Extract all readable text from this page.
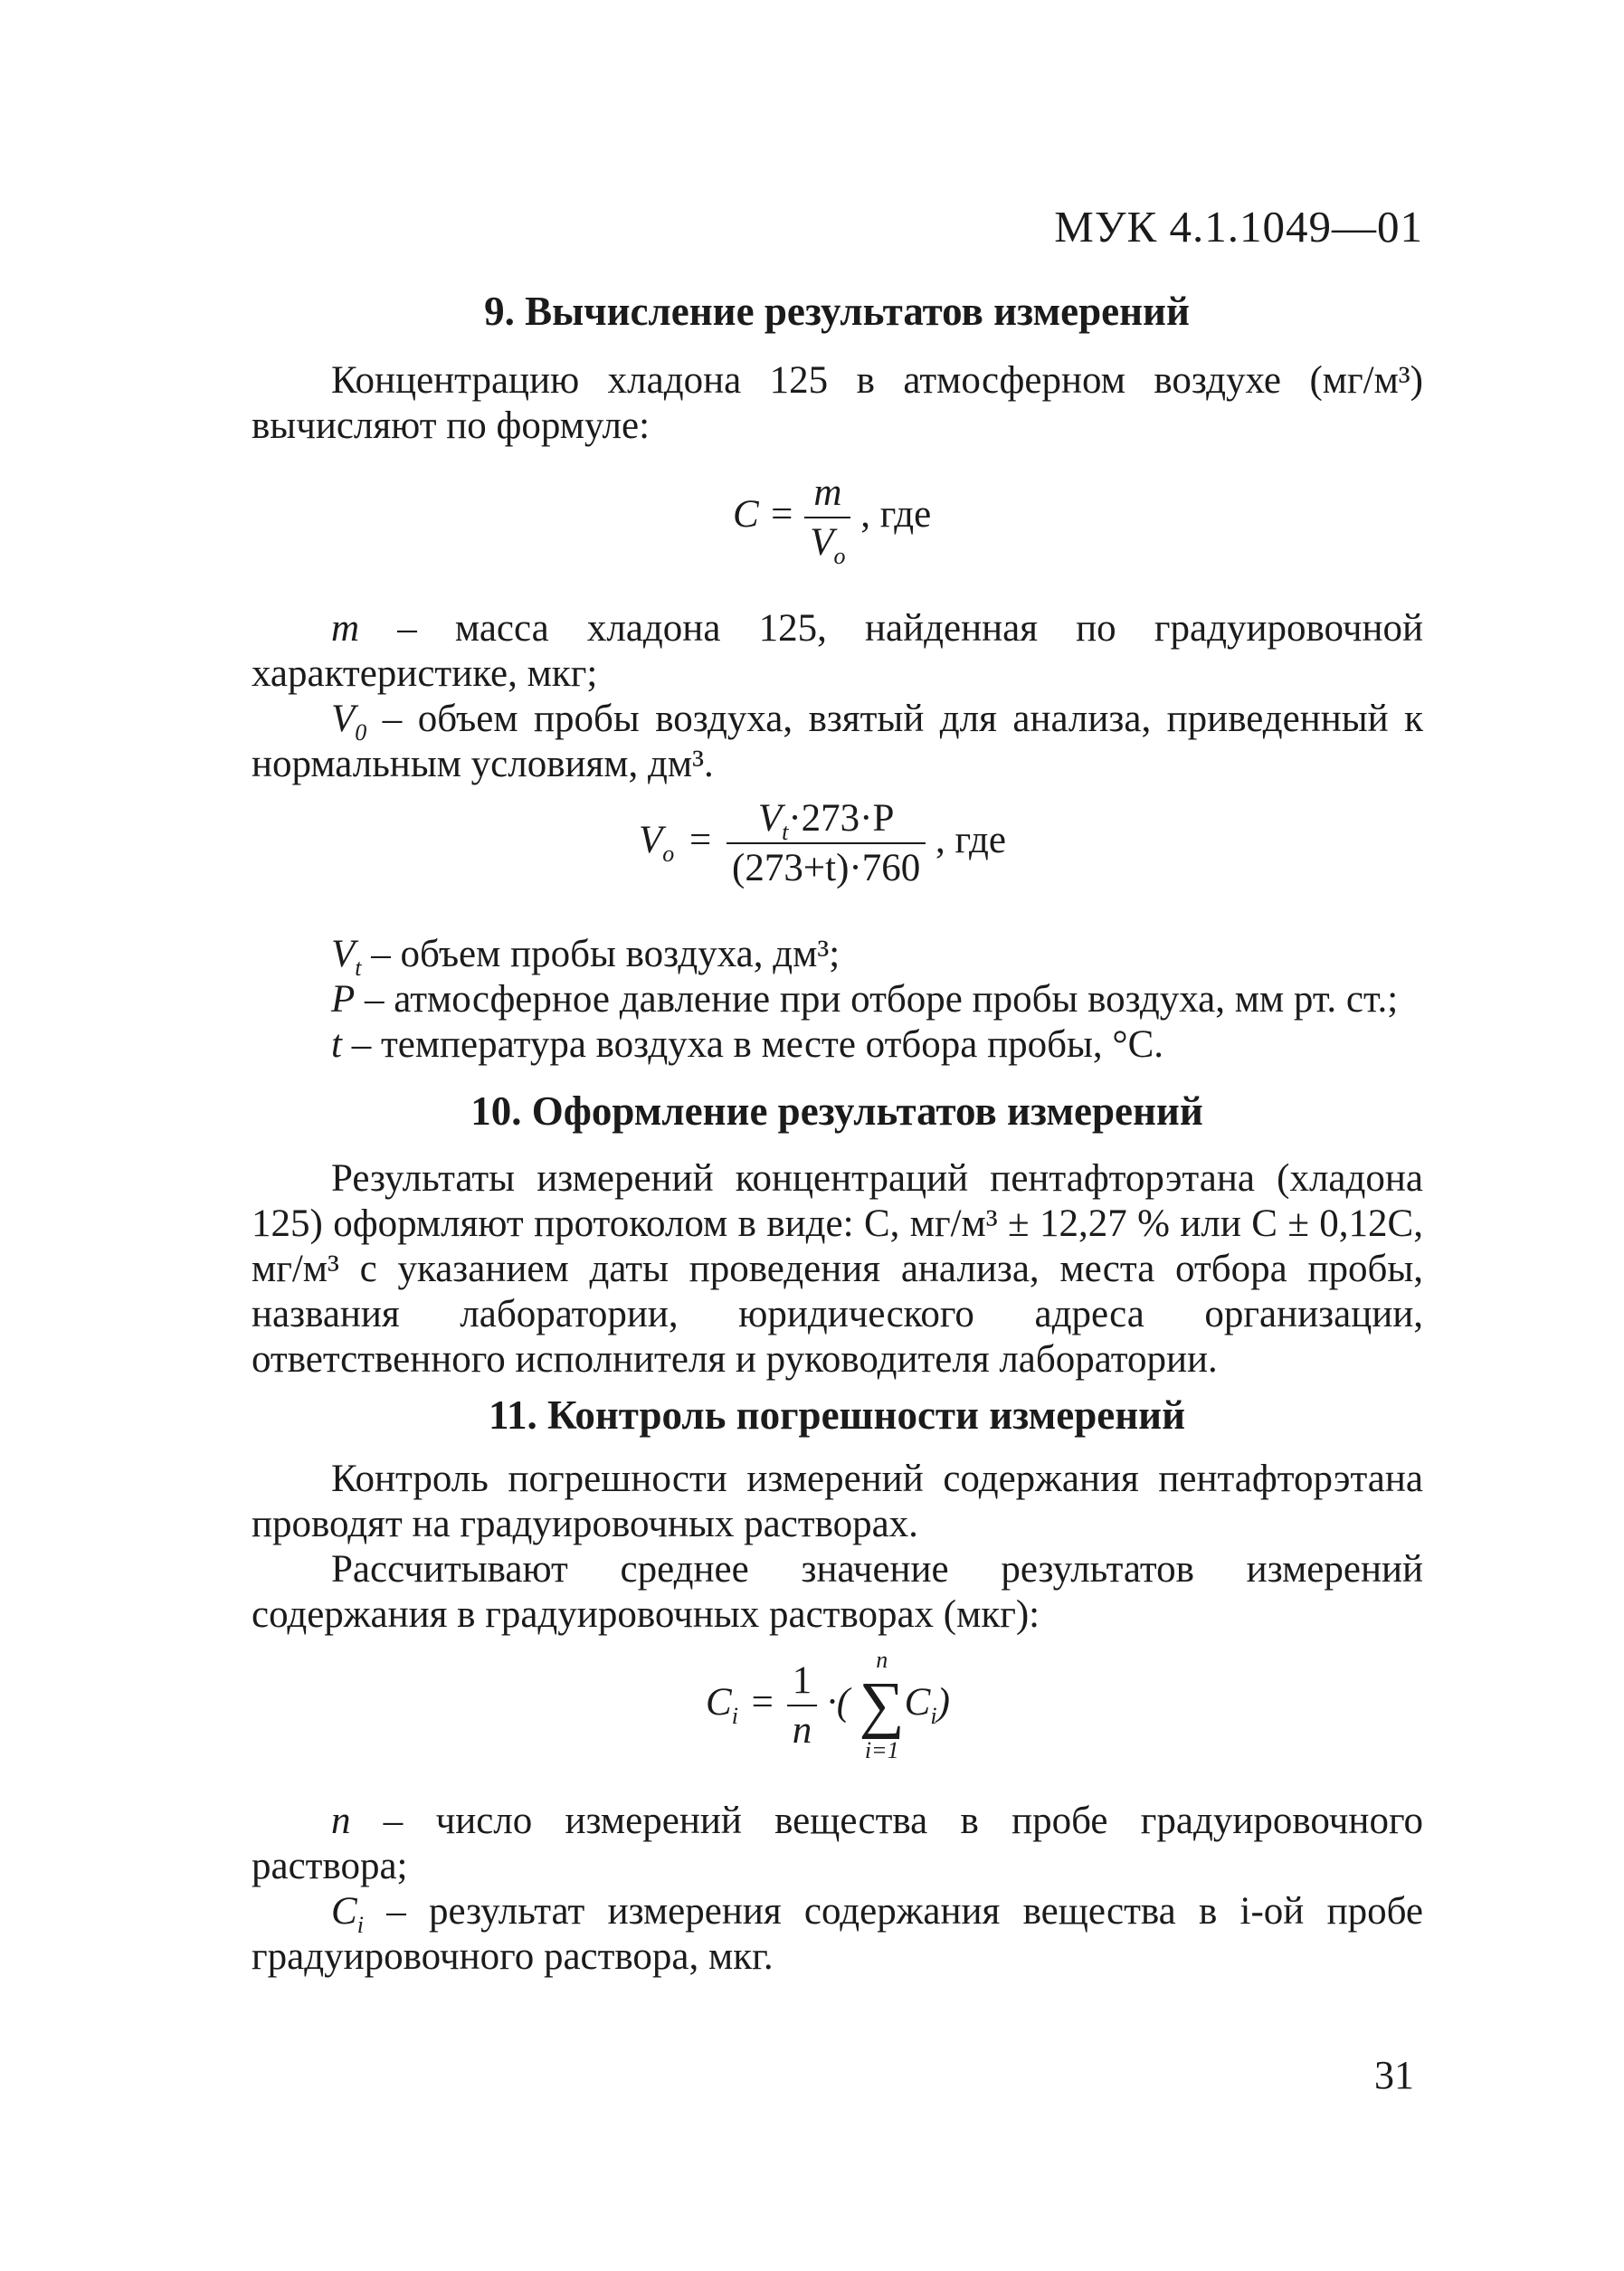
МУК 4.1.1049—01
9. Вычисление результатов измерений

Концентрацию хладона 125 в атмосферном воздухе (мг/м³) вычисляют по формуле:

$C = \frac{m}{V_o}$ , где

m – масса хладона 125, найденная по градуировочной характеристике, мкг;

$V_0$ – объем пробы воздуха, взятый для анализа, приведенный к нормальным условиям, дм³.

$V_o = \frac{V_t\cdot 273\cdot P}{(273+t)\cdot 760}$ , где

$V_t$ – объем пробы воздуха, дм³;

P – атмосферное давление при отборе пробы воздуха, мм рт. ст.;

t – температура воздуха в месте отбора пробы, °С.

10. Оформление результатов измерений

Результаты измерений концентраций пентафторэтана (хладона 125) оформляют протоколом в виде: С, мг/м³ ± 12,27 % или С ± 0,12С, мг/м³ с указанием даты проведения анализа, места отбора пробы, названия лаборатории, юридического адреса организации, ответственного исполнителя и руководителя лаборатории.

11. Контроль погрешности измерений

Контроль погрешности измерений содержания пентафторэтана проводят на градуировочных растворах.

Рассчитывают среднее значение результатов измерений содержания в градуировочных растворах (мкг):

$C_i = \frac{1}{n}$ ·(
n
∑
i=1
$C_i$)

n – число измерений вещества в пробе градуировочного раствора;

$C_i$ – результат измерения содержания вещества в i-ой пробе градуировочного раствора, мкг.

31
